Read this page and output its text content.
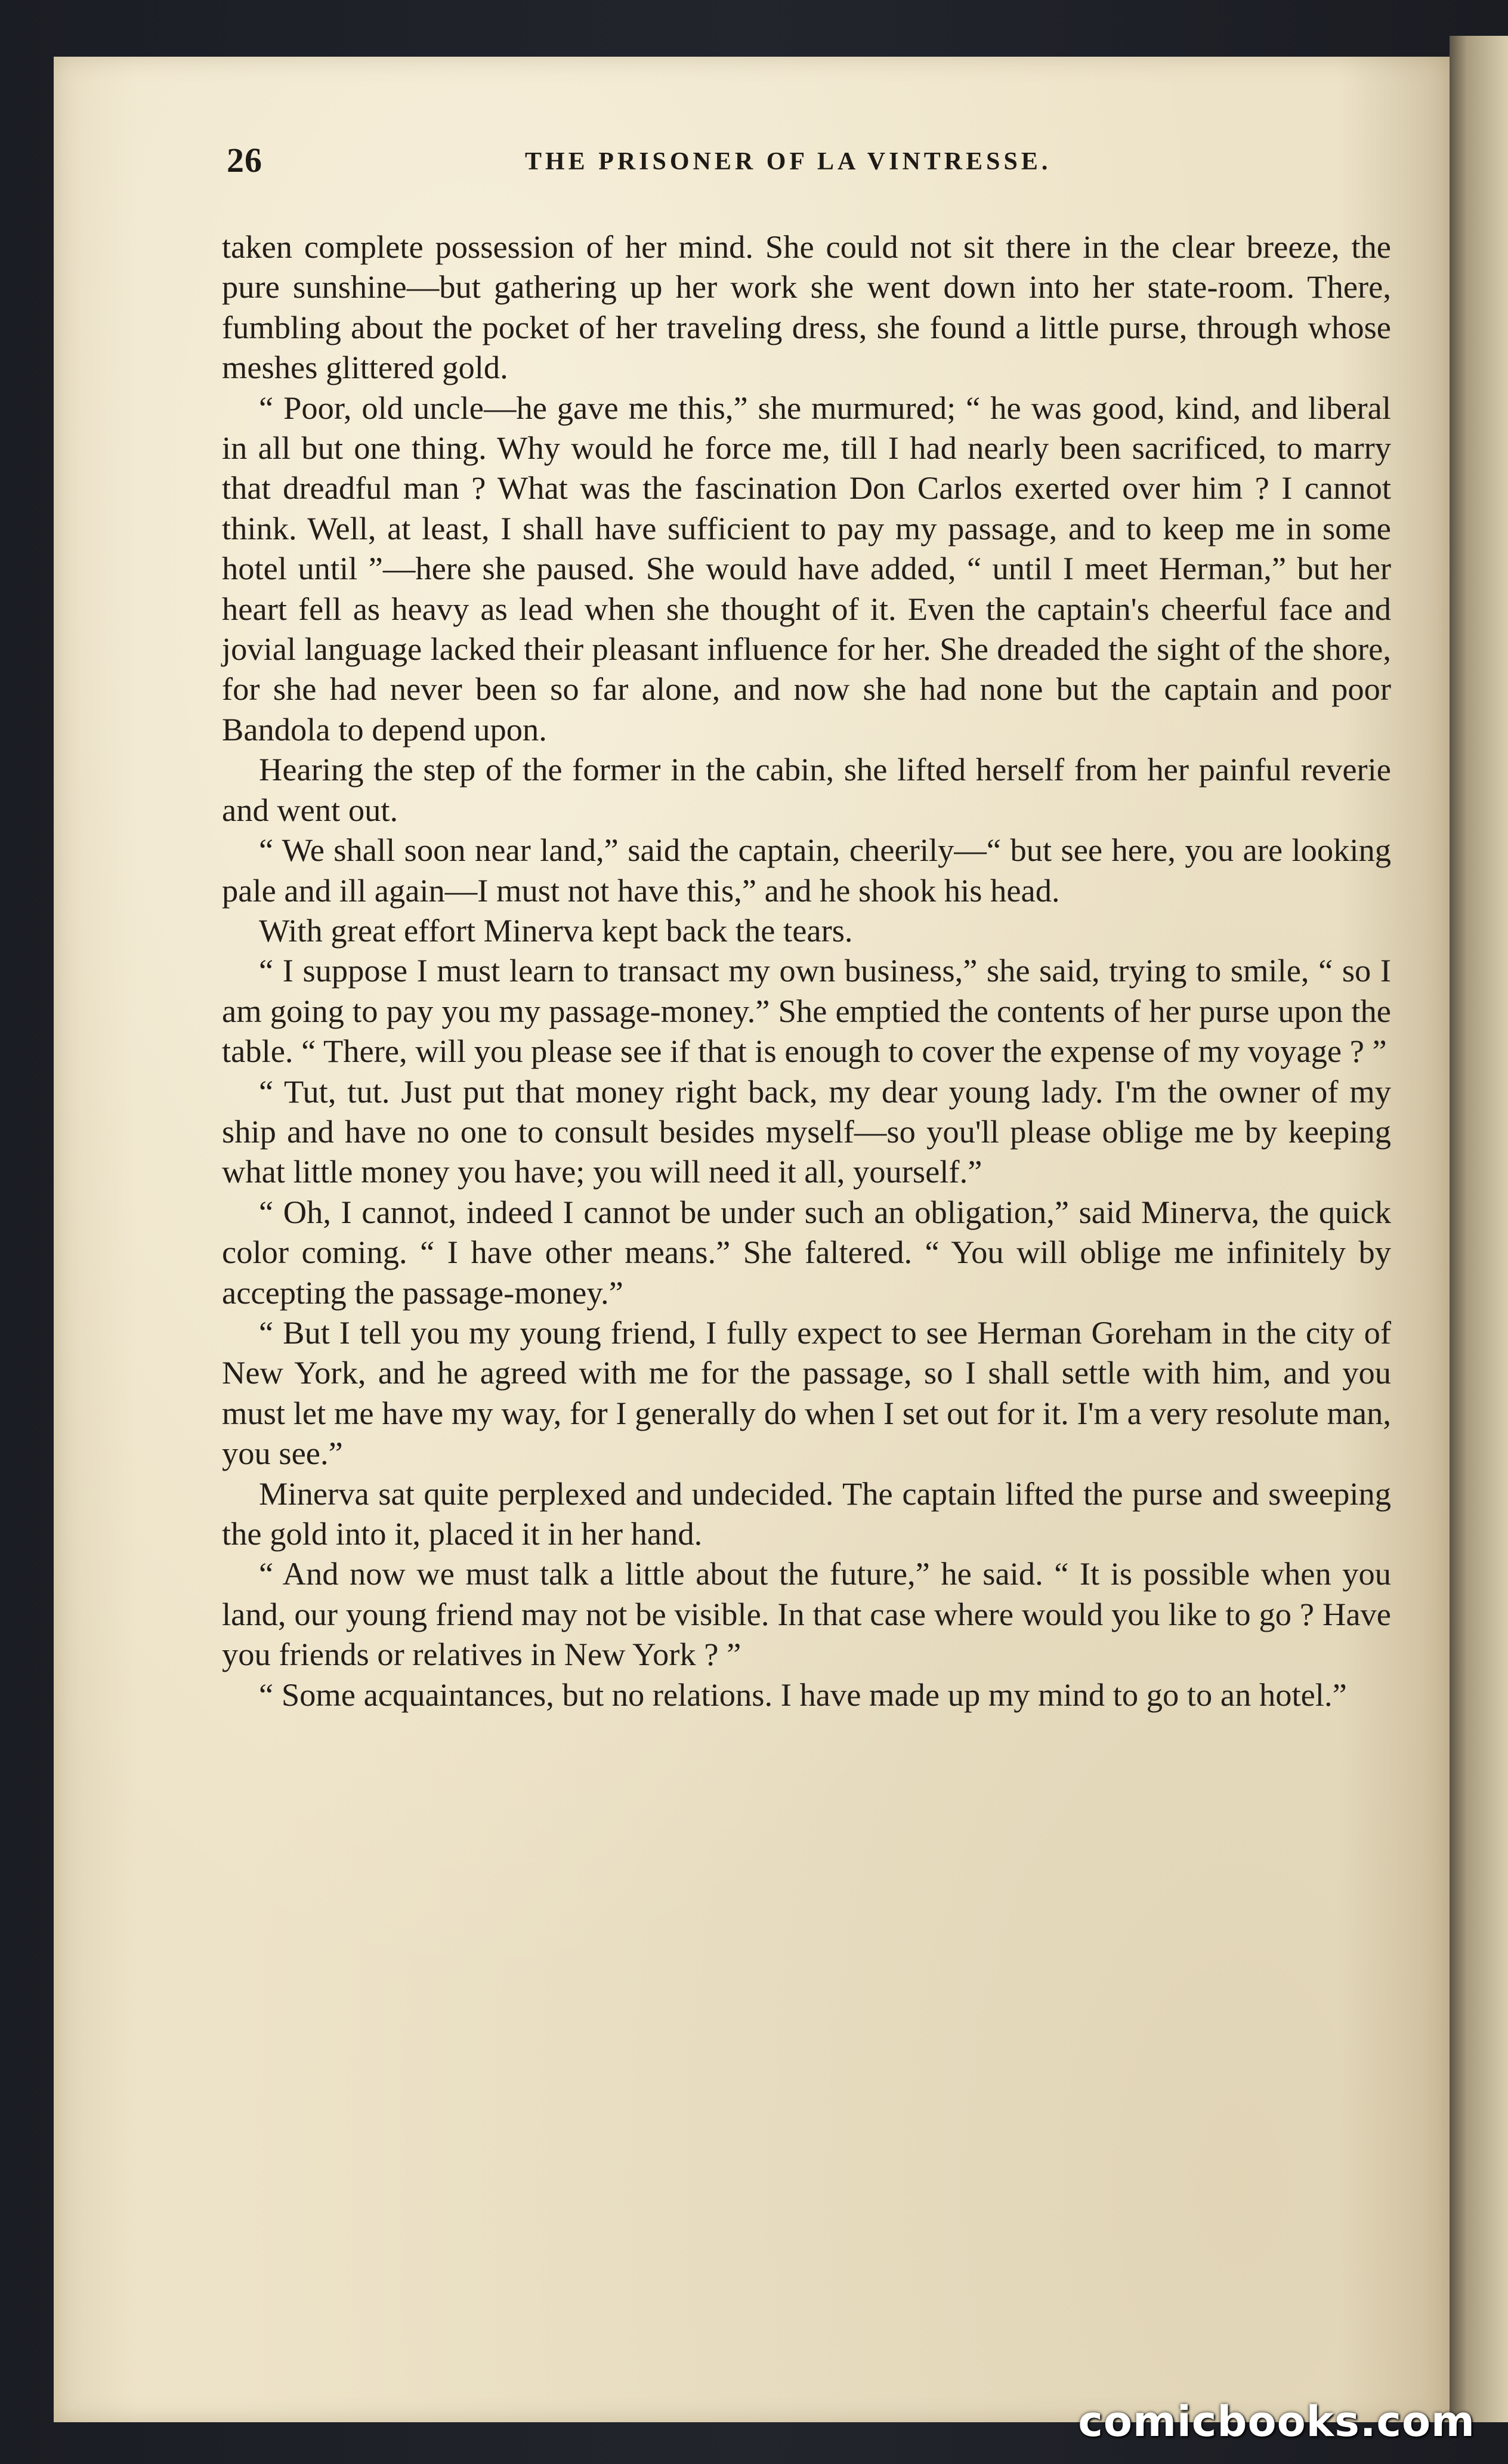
26	THE PRISONER OF LA VINTRESSE.

taken complete possession of her mind. She could not sit there in the clear breeze, the pure sunshine—but gathering up her work she went down into her state-room. There, fumbling about the pocket of her traveling dress, she found a little purse, through whose meshes glittered gold.

“ Poor, old uncle—he gave me this,” she murmured; “ he was good, kind, and liberal in all but one thing. Why would he force me, till I had nearly been sacrificed, to marry that dreadful man ? What was the fascination Don Carlos exerted over him ? I cannot think. Well, at least, I shall have sufficient to pay my passage, and to keep me in some hotel until ”—here she paused. She would have added, “ until I meet Herman,” but her heart fell as heavy as lead when she thought of it. Even the captain's cheerful face and jovial language lacked their pleasant influence for her. She dreaded the sight of the shore, for she had never been so far alone, and now she had none but the captain and poor Bandola to depend upon.

Hearing the step of the former in the cabin, she lifted herself from her painful reverie and went out.

“ We shall soon near land,” said the captain, cheerily—“ but see here, you are looking pale and ill again—I must not have this,” and he shook his head.

With great effort Minerva kept back the tears.

“ I suppose I must learn to transact my own business,” she said, trying to smile, “ so I am going to pay you my passage-money.” She emptied the contents of her purse upon the table. “ There, will you please see if that is enough to cover the expense of my voyage ? ”

“ Tut, tut. Just put that money right back, my dear young lady. I'm the owner of my ship and have no one to consult besides myself—so you'll please oblige me by keeping what little money you have; you will need it all, yourself.”

“ Oh, I cannot, indeed I cannot be under such an obligation,” said Minerva, the quick color coming. “ I have other means.” She faltered. “ You will oblige me infinitely by accepting the passage-money.”

“ But I tell you my young friend, I fully expect to see Herman Goreham in the city of New York, and he agreed with me for the passage, so I shall settle with him, and you must let me have my way, for I generally do when I set out for it. I'm a very resolute man, you see.”

Minerva sat quite perplexed and undecided. The captain lifted the purse and sweeping the gold into it, placed it in her hand.

“ And now we must talk a little about the future,” he said. “ It is possible when you land, our young friend may not be visible. In that case where would you like to go ? Have you friends or relatives in New York ? ”

“ Some acquaintances, but no relations. I have made up my mind to go to an hotel.”

comicbooks.com
